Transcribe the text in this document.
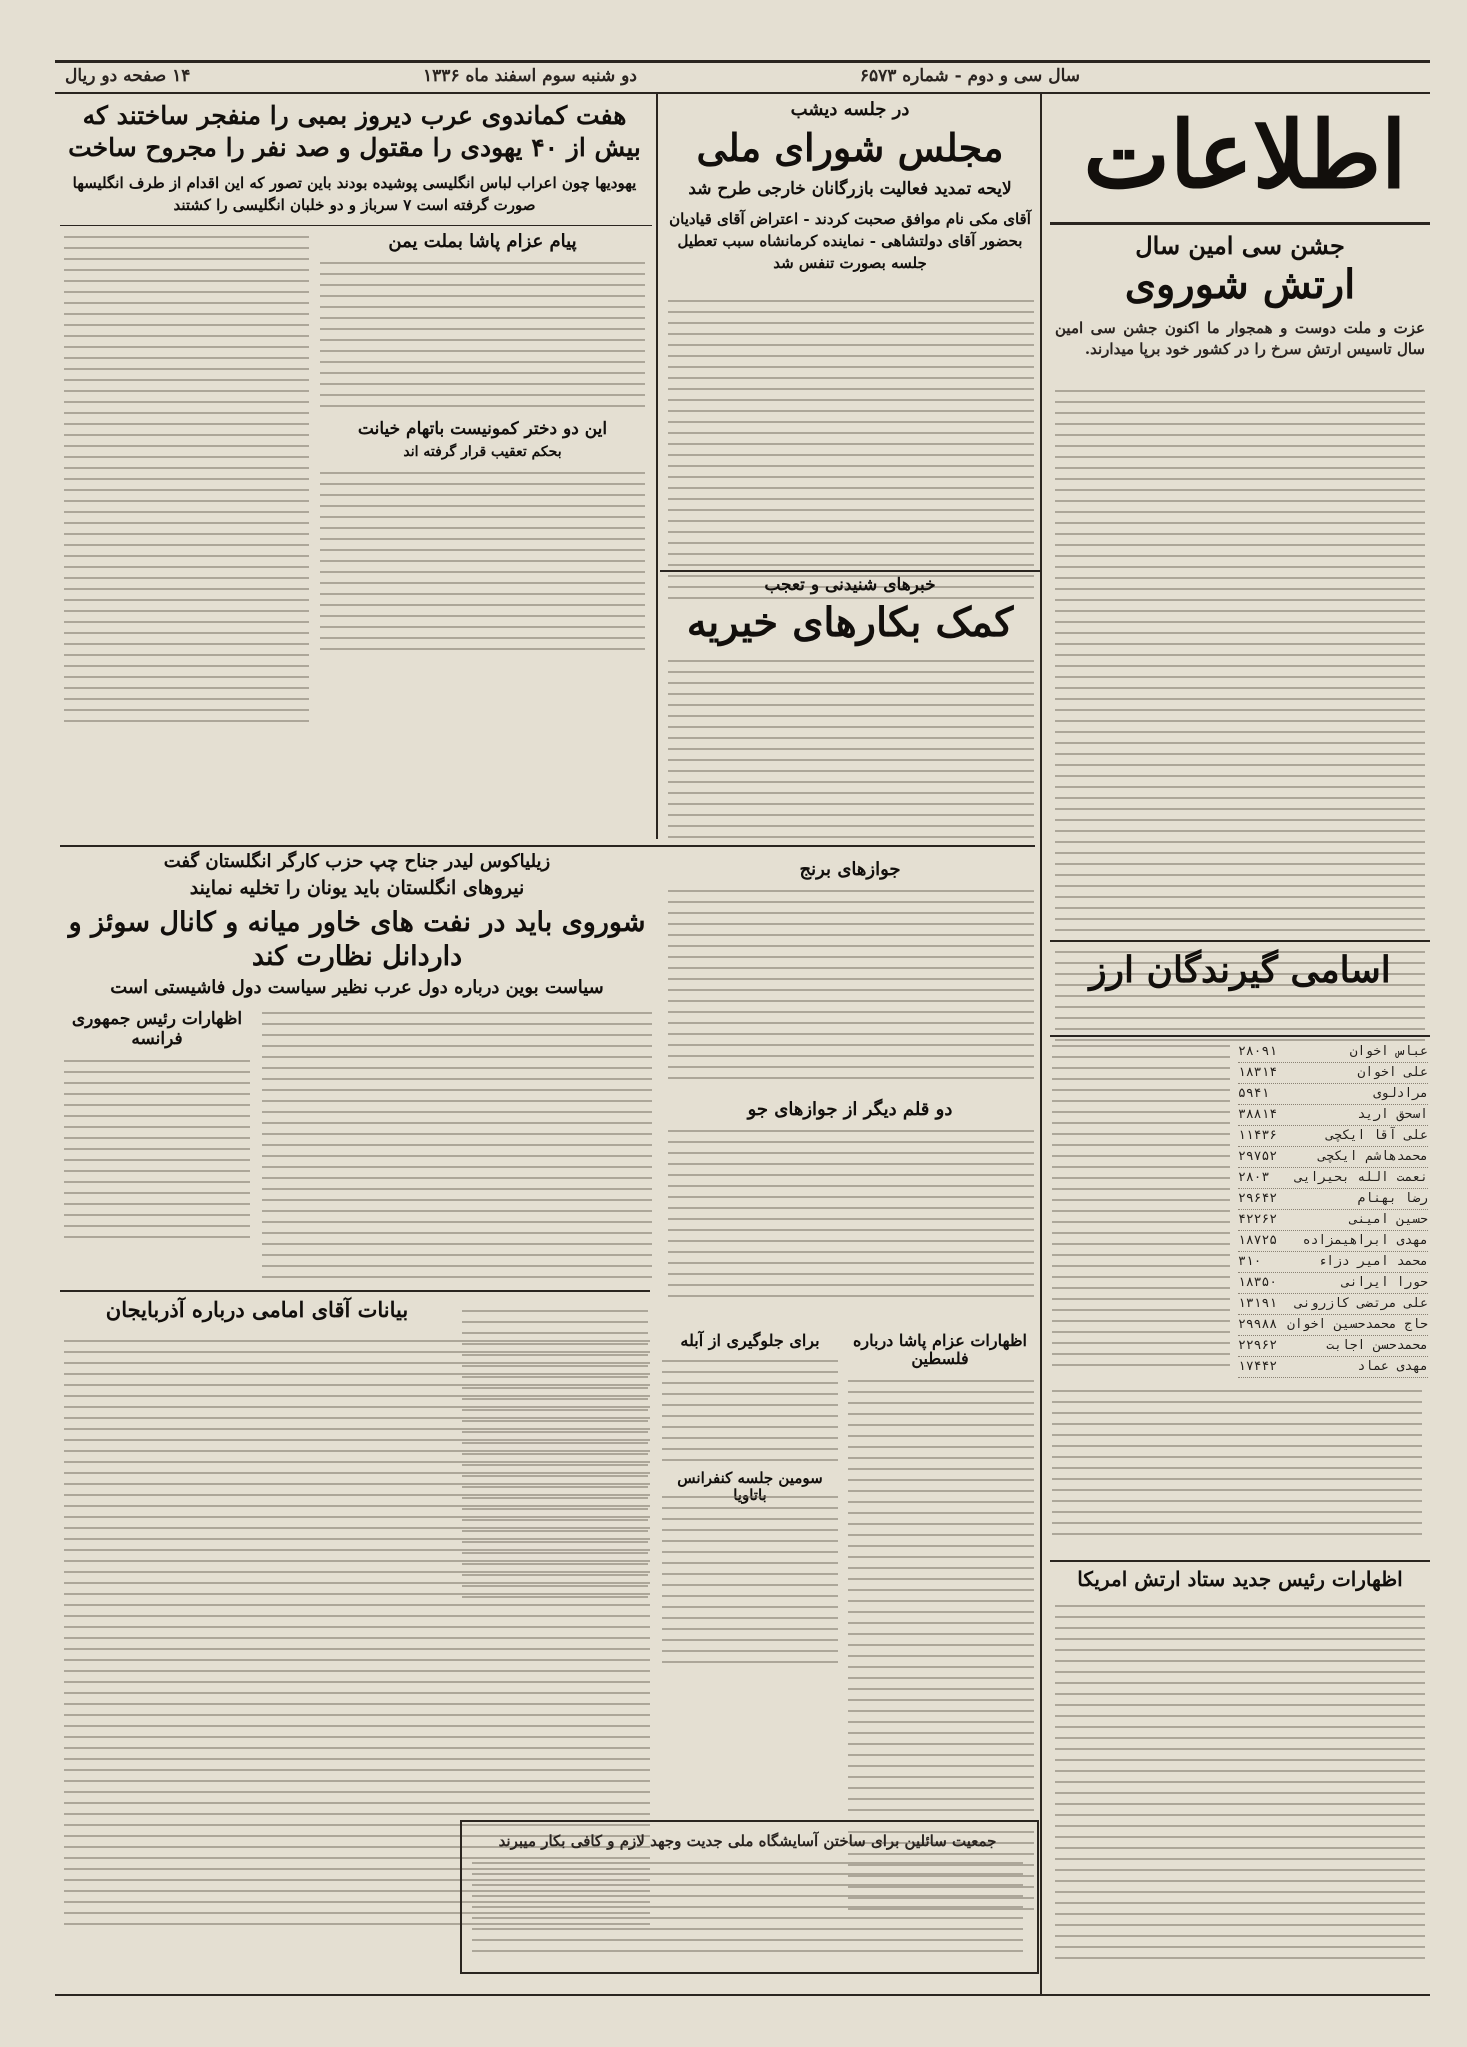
سال سی و دوم - شماره ۶۵۷۳
دو شنبه سوم اسفند ماه ۱۳۳۶
۱۴ صفحه دو ریال
اطلاعات
جشن سی امین سال
ارتش شوروی
عزت و ملت دوست و همجوار ما اکنون جشن سی امین سال تاسیس ارتش سرخ را در کشور خود برپا میدارند.
اسامی گیرندگان ارز
عباس اخوان
۲۸۰۹۱
علی اخوان
۱۸۳۱۴
مرادلوی
۵۹۴۱
اسحق ارید
۳۸۸۱۴
علی آقا ایکچی
۱۱۴۳۶
محمدهاشم ایکچی
۲۹۷۵۲
نعمت الله بحیرایی
۲۸۰۳
رضا بهنام
۲۹۶۴۲
حسین امینی
۴۲۲۶۲
مهدی ابراهیمزاده
۱۸۷۲۵
محمد امیر دزاء
۳۱۰
حورا ایرانی
۱۸۳۵۰
علی مرتضی کازرونی
۱۳۱۹۱
حاج محمدحسین اخوان
۲۹۹۸۸
محمدحسن اجابت
۲۲۹۶۲
مهدی عماد
۱۷۴۴۲
اظهارات رئیس جدید ستاد ارتش امریکا
در جلسه دیشب
مجلس شورای ملی
لایحه تمدید فعالیت بازرگانان خارجی طرح شد
آقای مکی نام موافق صحبت کردند - اعتراض آقای قیادیان بحضور آقای دولتشاهی - نماینده کرمانشاه سبب تعطیل جلسه بصورت تنفس شد
خبرهای شنیدنی و تعجب
کمک بکارهای خیریه
جوازهای برنج
دو قلم دیگر از جوازهای جو
هفت کماندوی عرب دیروز بمبی را منفجر ساختند که بیش از ۴۰ یهودی را مقتول و صد نفر را مجروح ساخت
یهودیها چون اعراب لباس انگلیسی پوشیده بودند باین تصور که این اقدام از طرف انگلیسها صورت گرفته است ۷ سرباز و دو خلبان انگلیسی را کشتند
پیام عزام پاشا بملت یمن
این دو دختر کمونیست باتهام خیانت
بحکم تعقیب قرار گرفته اند
زیلیاکوس لیدر جناح چپ حزب کارگر انگلستان گفت
نیروهای انگلستان باید یونان را تخلیه نمایند
شوروی باید در نفت های خاور میانه و کانال سوئز و داردانل نظارت کند
سیاست بوین درباره دول عرب نظیر سیاست دول فاشیستی است
اظهارات رئیس جمهوری فرانسه
بیانات آقای امامی درباره آذربایجان
اظهارات عزام پاشا درباره فلسطین
برای جلوگیری از آبله
سومین جلسه کنفرانس
جمعیت سائلین برای ساختن آسایشگاه ملی جدیت وجهد لازم و کافی بکار میبرند
